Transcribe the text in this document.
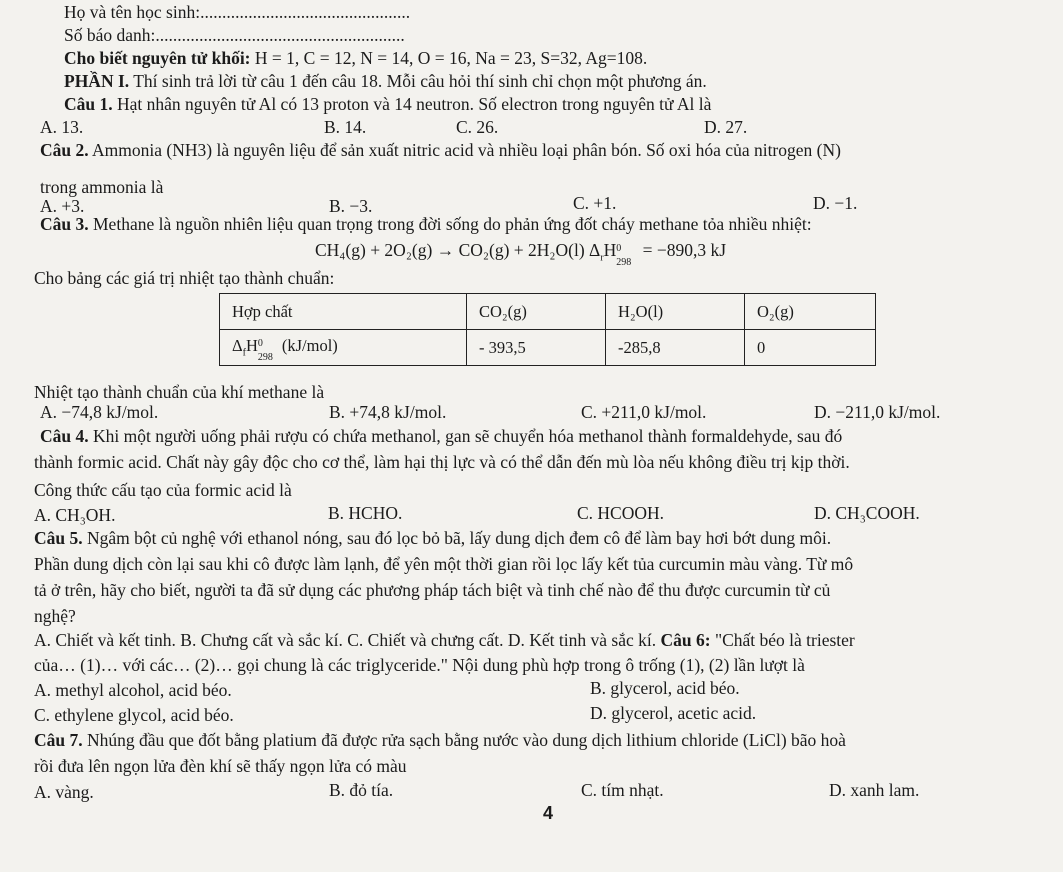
Họ và tên học sinh:................................................
Số báo danh:.........................................................
Cho biết nguyên tử khối: H = 1, C = 12, N = 14, O = 16, Na = 23, S=32, Ag=108.
PHẦN I. Thí sinh trả lời từ câu 1 đến câu 18. Mỗi câu hỏi thí sinh chỉ chọn một phương án.
Câu 1. Hạt nhân nguyên tử Al có 13 proton và 14 neutron. Số electron trong nguyên tử Al là
A. 13.	B. 14.	C. 26.	D. 27.
Câu 2. Ammonia (NH3) là nguyên liệu để sản xuất nitric acid và nhiều loại phân bón. Số oxi hóa của nitrogen (N)
trong ammonia là
A. +3.	B. −3.	C. +1.	D. −1.
Câu 3. Methane là nguồn nhiên liệu quan trọng trong đời sống do phản ứng đốt cháy methane tỏa nhiều nhiệt:
CH₄(g) + 2O₂(g) → CO₂(g) + 2H₂O(l) $\Delta_rH$ 0
298
= −890,3 kJ
Cho bảng các giá trị nhiệt tạo thành chuẩn:
Hợp chất	CO₂(g)	H₂O(l)	O₂(g)
$\Delta_fH$ 0
298
(kJ/mol)	- 393,5	-285,8	0
Nhiệt tạo thành chuẩn của khí methane là
A. −74,8 kJ/mol.	B. +74,8 kJ/mol.	C. +211,0 kJ/mol.	D. −211,0 kJ/mol.
Câu 4. Khi một người uống phải rượu có chứa methanol, gan sẽ chuyển hóa methanol thành formaldehyde, sau đó
thành formic acid. Chất này gây độc cho cơ thể, làm hại thị lực và có thể dẫn đến mù lòa nếu không điều trị kịp thời.
Công thức cấu tạo của formic acid là
A. CH₃OH.	B. HCHO.	C. HCOOH.	D. CH₃COOH.
Câu 5. Ngâm bột củ nghệ với ethanol nóng, sau đó lọc bỏ bã, lấy dung dịch đem cô để làm bay hơi bớt dung môi.
Phần dung dịch còn lại sau khi cô được làm lạnh, để yên một thời gian rồi lọc lấy kết tủa curcumin màu vàng. Từ mô
tả ở trên, hãy cho biết, người ta đã sử dụng các phương pháp tách biệt và tinh chế nào để thu được curcumin từ củ
nghệ?
A. Chiết và kết tinh. B. Chưng cất và sắc kí. C. Chiết và chưng cất. D. Kết tinh và sắc kí. Câu 6: "Chất béo là triester
của… (1)… với các… (2)… gọi chung là các triglyceride." Nội dung phù hợp trong ô trống (1), (2) lần lượt là
A. methyl alcohol, acid béo.	B. glycerol, acid béo.
C. ethylene glycol, acid béo.	D. glycerol, acetic acid.
Câu 7. Nhúng đầu que đốt bằng platium đã được rửa sạch bằng nước vào dung dịch lithium chloride (LiCl) bão hoà
rồi đưa lên ngọn lửa đèn khí sẽ thấy ngọn lửa có màu
A. vàng.	B. đỏ tía.	C. tím nhạt.	D. xanh lam.
4
